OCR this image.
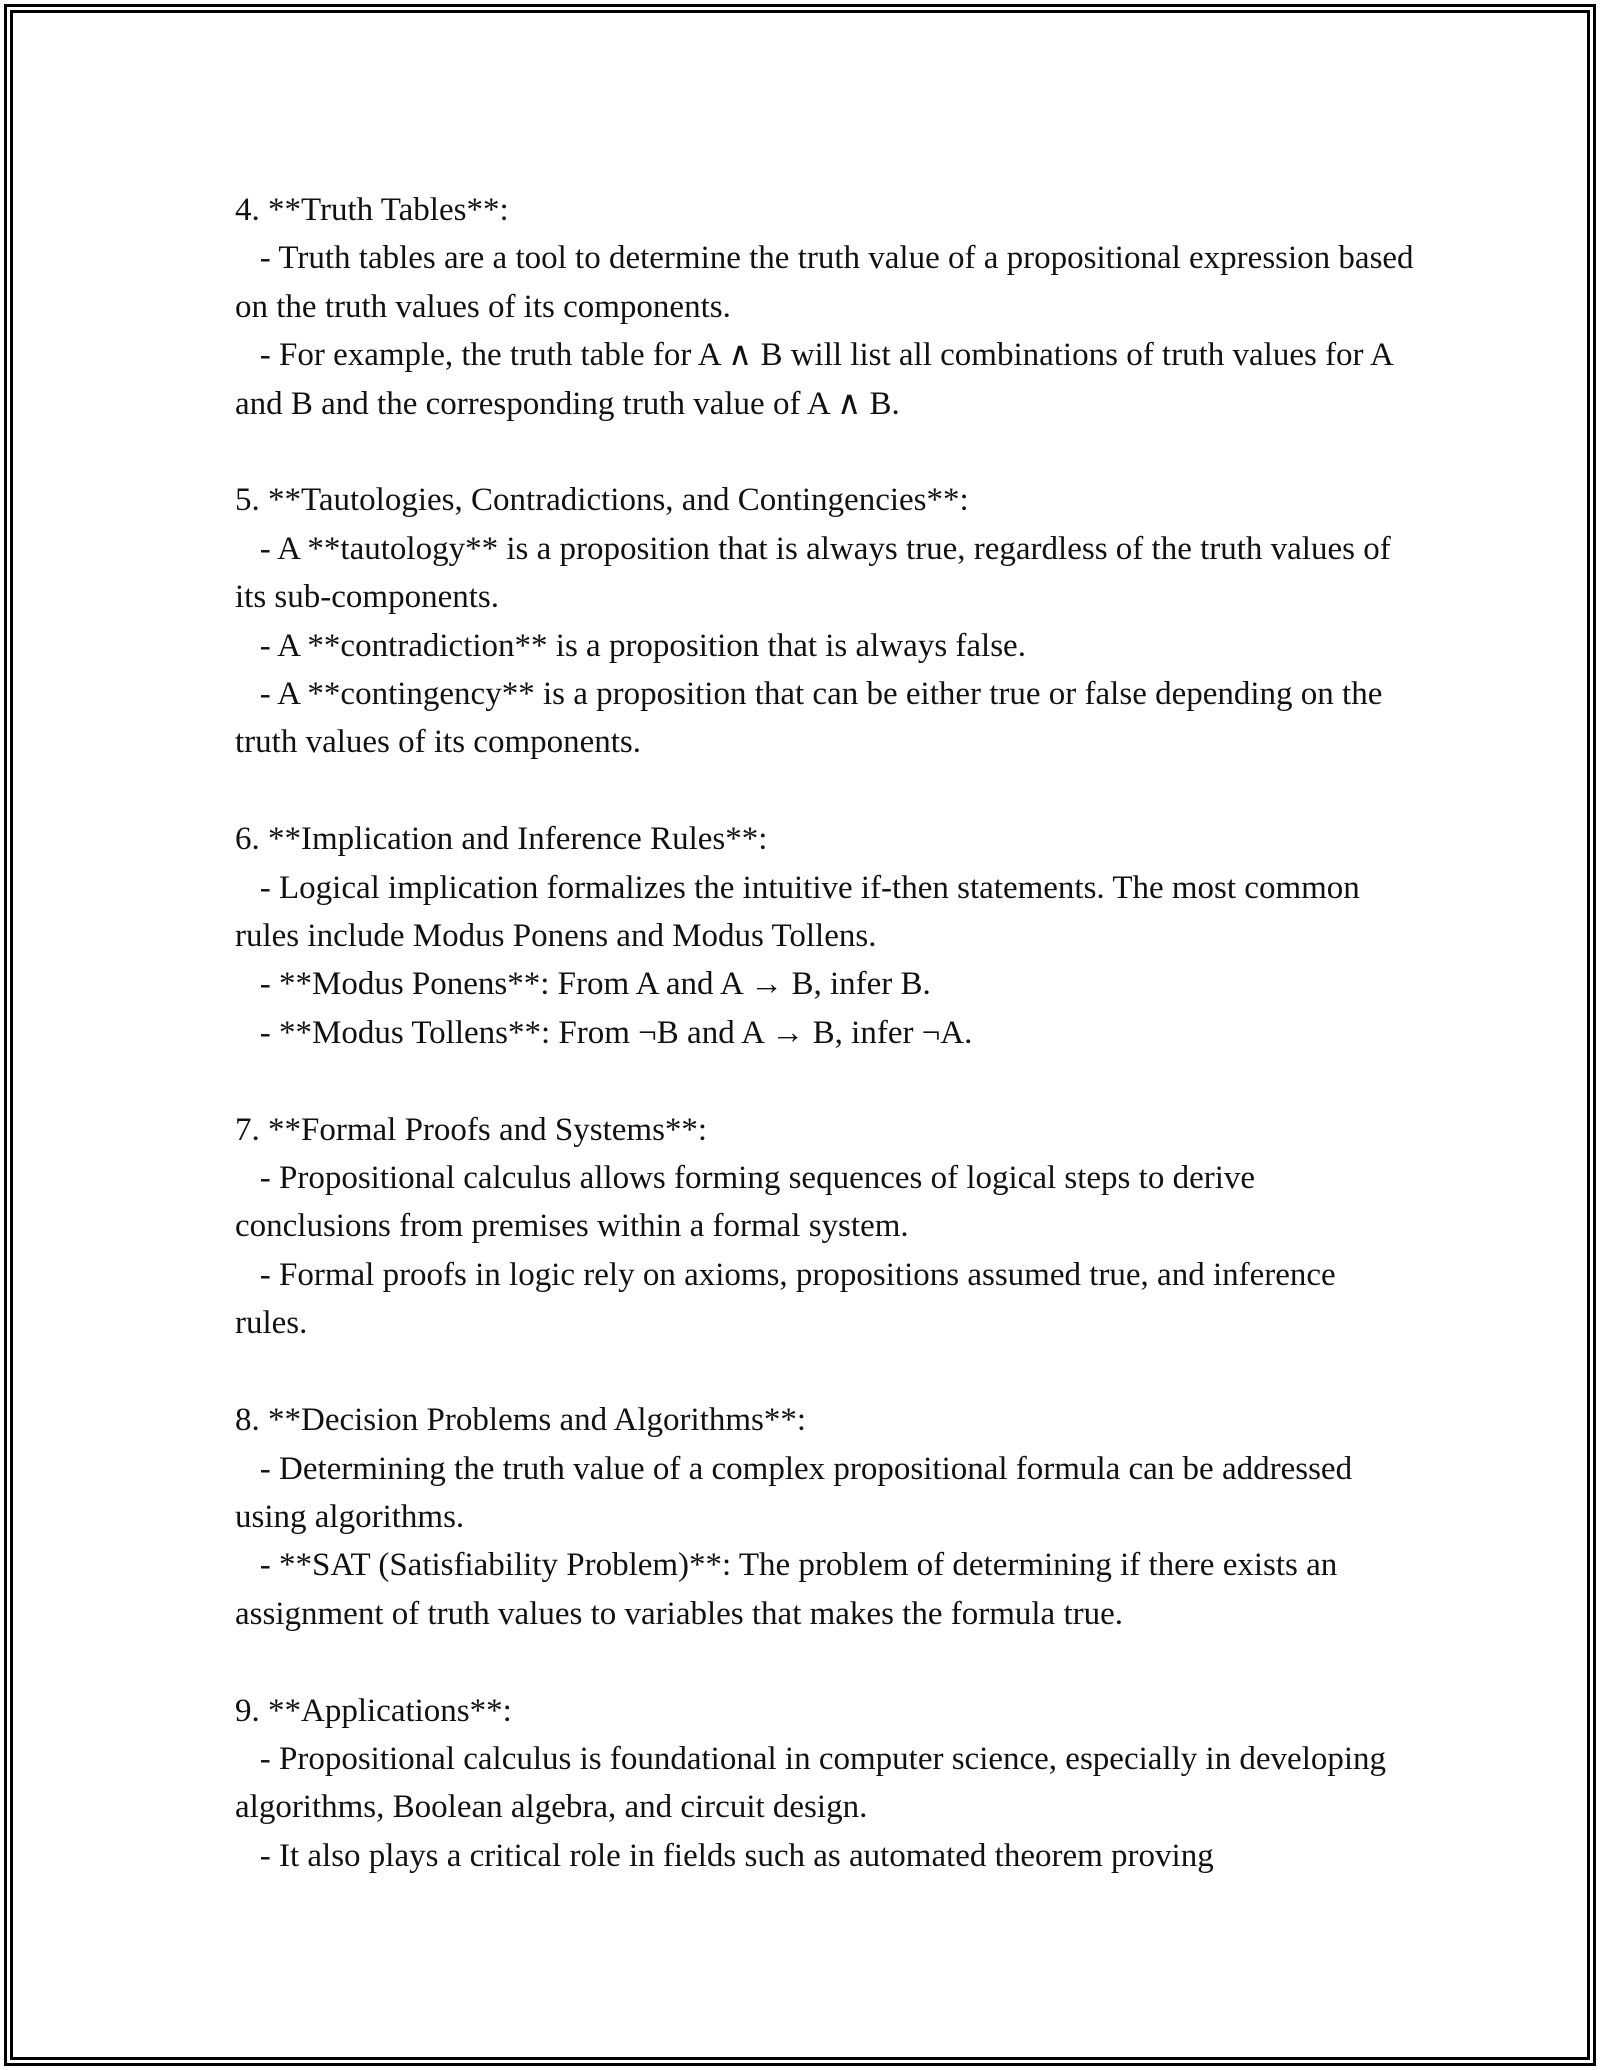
4. **Truth Tables**:

- Truth tables are a tool to determine the truth value of a propositional expression based on the truth values of its components.

- For example, the truth table for A ∧ B will list all combinations of truth values for A and B and the corresponding truth value of A ∧ B.

5. **Tautologies, Contradictions, and Contingencies**:

- A **tautology** is a proposition that is always true, regardless of the truth values of its sub-components.

- A **contradiction** is a proposition that is always false.

- A **contingency** is a proposition that can be either true or false depending on the truth values of its components.

6. **Implication and Inference Rules**:

- Logical implication formalizes the intuitive if-then statements. The most common rules include Modus Ponens and Modus Tollens.

- **Modus Ponens**: From A and A → B, infer B.

- **Modus Tollens**: From ¬B and A → B, infer ¬A.

7. **Formal Proofs and Systems**:

- Propositional calculus allows forming sequences of logical steps to derive conclusions from premises within a formal system.

- Formal proofs in logic rely on axioms, propositions assumed true, and inference rules.

8. **Decision Problems and Algorithms**:

- Determining the truth value of a complex propositional formula can be addressed using algorithms.

- **SAT (Satisfiability Problem)**: The problem of determining if there exists an assignment of truth values to variables that makes the formula true.

9. **Applications**:

- Propositional calculus is foundational in computer science, especially in developing algorithms, Boolean algebra, and circuit design.

- It also plays a critical role in fields such as automated theorem proving
